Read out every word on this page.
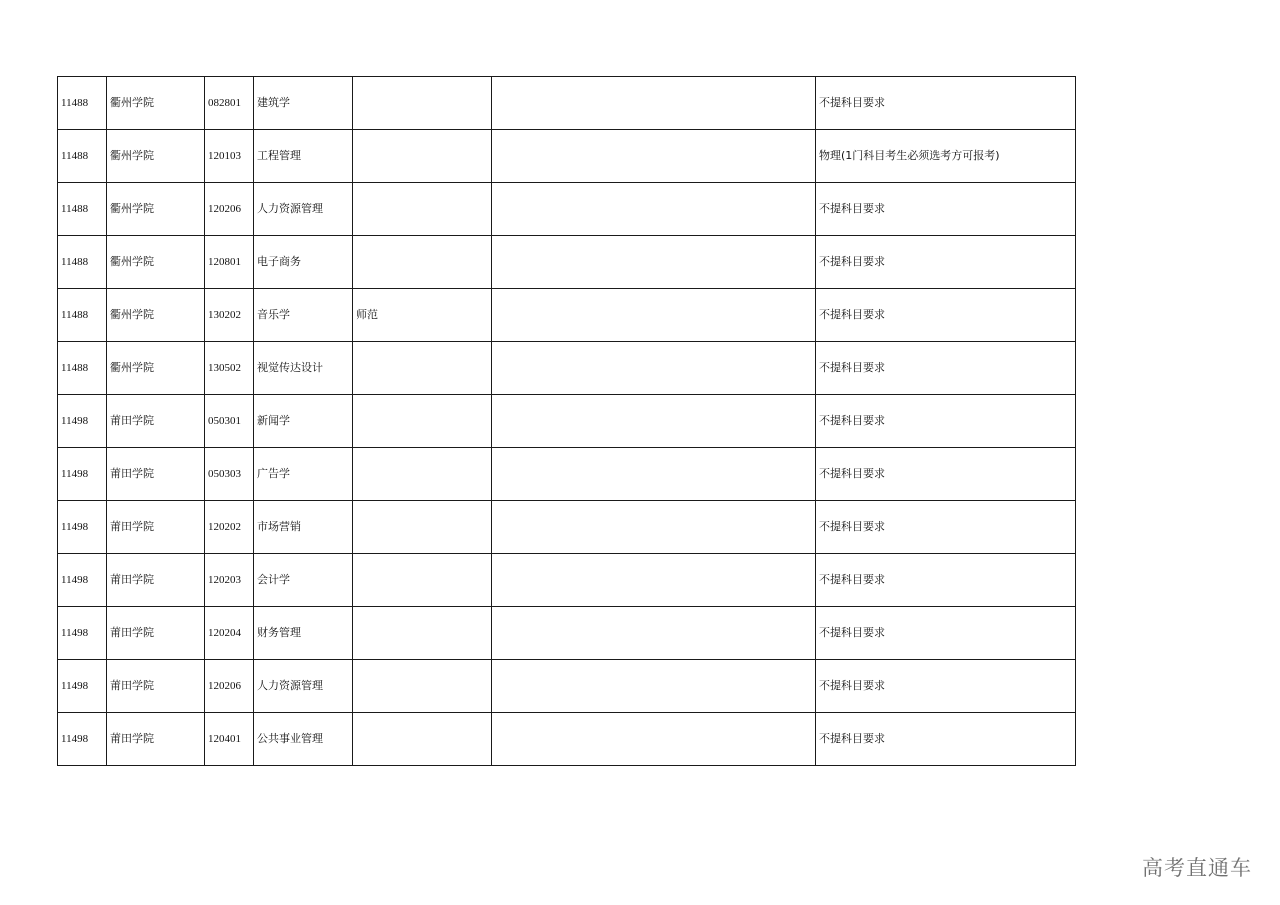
11488	衢州学院	082801	建筑学			不提科目要求
11488	衢州学院	120103	工程管理			物理(1门科目考生必须选考方可报考)
11488	衢州学院	120206	人力资源管理			不提科目要求
11488	衢州学院	120801	电子商务			不提科目要求
11488	衢州学院	130202	音乐学	师范		不提科目要求
11488	衢州学院	130502	视觉传达设计			不提科目要求
11498	莆田学院	050301	新闻学			不提科目要求
11498	莆田学院	050303	广告学			不提科目要求
11498	莆田学院	120202	市场营销			不提科目要求
11498	莆田学院	120203	会计学			不提科目要求
11498	莆田学院	120204	财务管理			不提科目要求
11498	莆田学院	120206	人力资源管理			不提科目要求
11498	莆田学院	120401	公共事业管理			不提科目要求
高考直通车
